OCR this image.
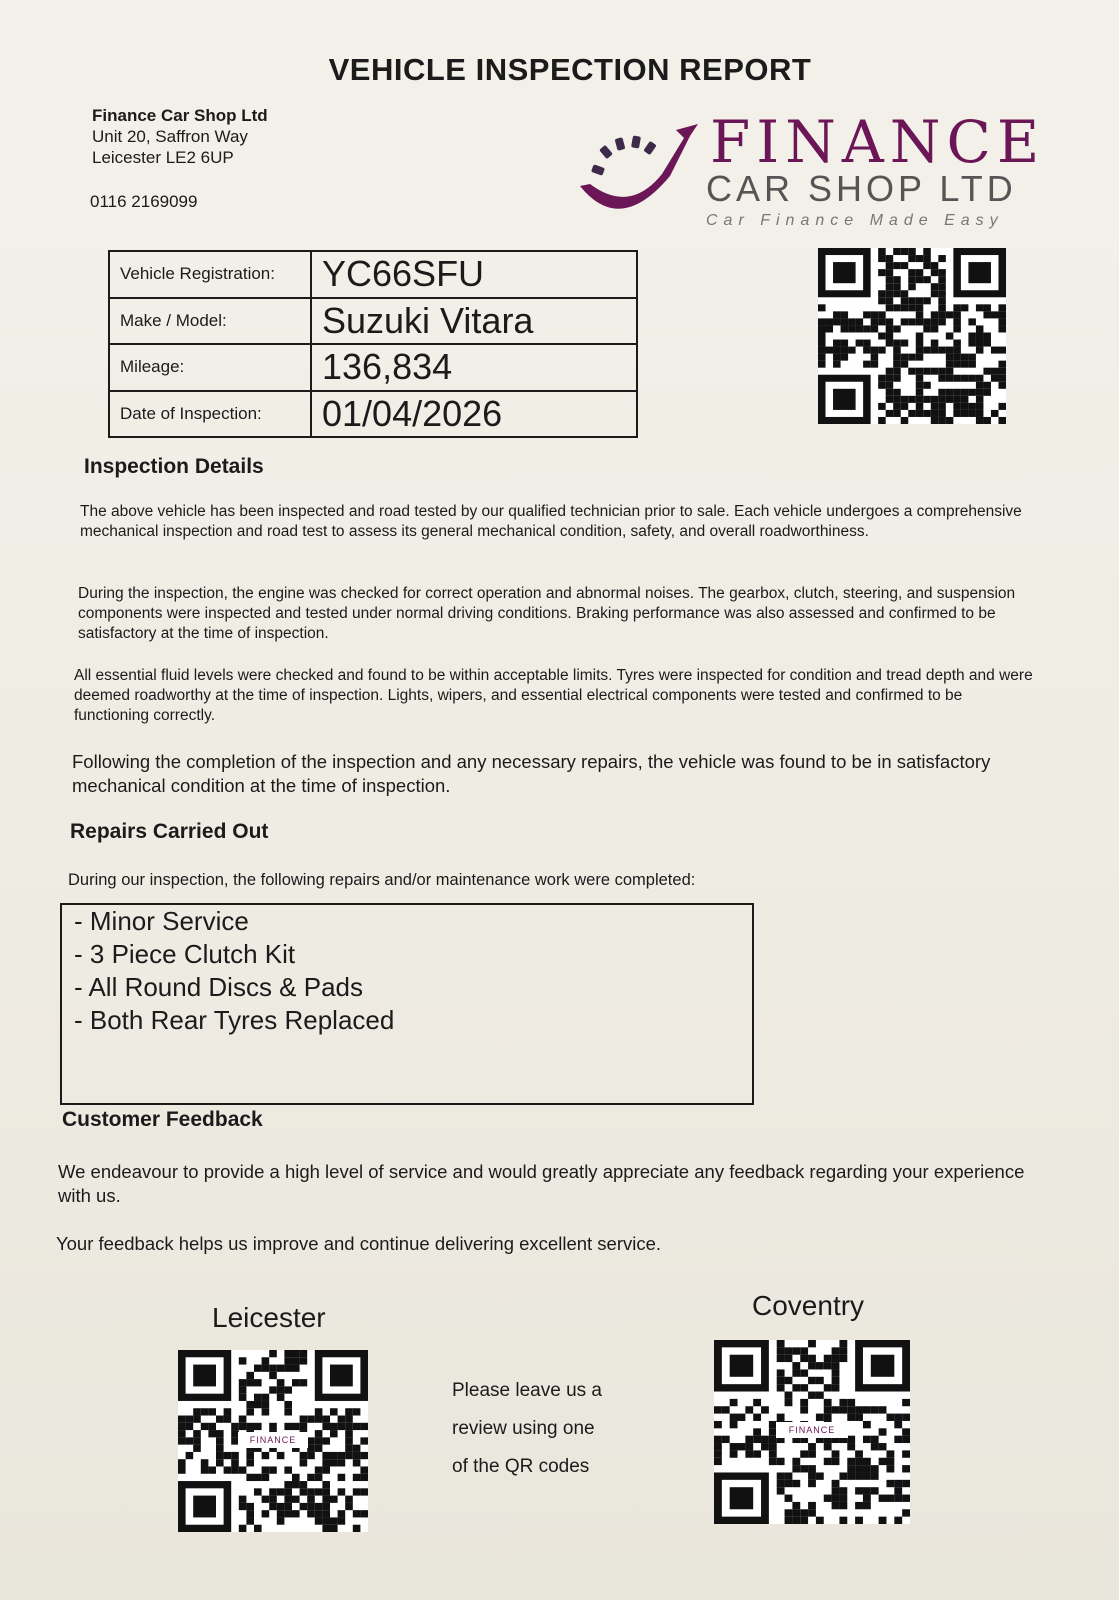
VEHICLE INSPECTION REPORT
Finance Car Shop Ltd
Unit 20, Saffron Way
Leicester LE2 6UP
0116 2169099
FINANCE
CAR SHOP LTD
Car Finance Made Easy
Vehicle Registration:	YC66SFU
Make / Model:	Suzuki Vitara
Mileage:	136,834
Date of Inspection:	01/04/2026
Inspection Details
The above vehicle has been inspected and road tested by our qualified technician prior to sale. Each vehicle undergoes a comprehensive mechanical inspection and road test to assess its general mechanical condition, safety, and overall roadworthiness.
During the inspection, the engine was checked for correct operation and abnormal noises. The gearbox, clutch, steering, and suspension components were inspected and tested under normal driving conditions. Braking performance was also assessed and confirmed to be satisfactory at the time of inspection.
All essential fluid levels were checked and found to be within acceptable limits. Tyres were inspected for condition and tread depth and were deemed roadworthy at the time of inspection. Lights, wipers, and essential electrical components were tested and confirmed to be functioning correctly.
Following the completion of the inspection and any necessary repairs, the vehicle was found to be in satisfactory mechanical condition at the time of inspection.
Repairs Carried Out
During our inspection, the following repairs and/or maintenance work were completed:
- Minor Service
- 3 Piece Clutch Kit
- All Round Discs & Pads
- Both Rear Tyres Replaced
Customer Feedback
We endeavour to provide a high level of service and would greatly appreciate any feedback regarding your experience with us.
Your feedback helps us improve and continue delivering excellent service.
Leicester
FINANCE
Please leave us a
review using one
of the QR codes
Coventry
FINANCE
